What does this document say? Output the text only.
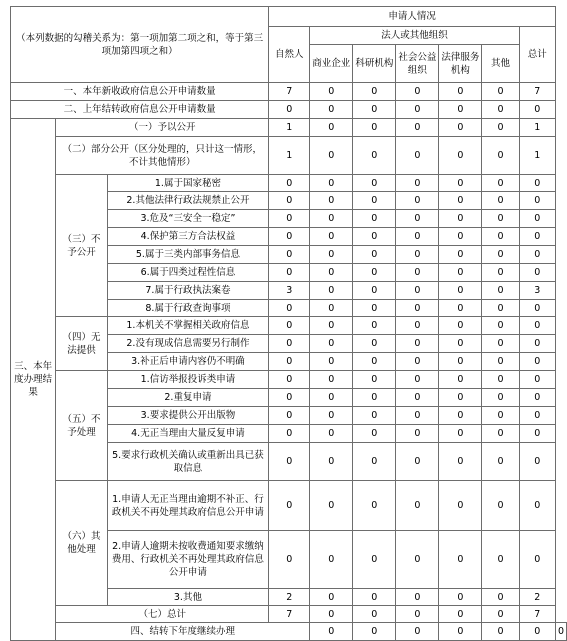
（本列数据的勾稽关系为：第一项加第二项之和，等于第三项加第四项之和）			申请人情况							
			自然人	法人或其他组织					总计	
				商业企业	科研机构	社会公益组织	法律服务机构	其他		
一、本年新收政府信息公开申请数量			7	0	0	0	0	0	7	
二、上年结转政府信息公开申请数量			0	0	0	0	0	0	0	
三、本年度办理结果	（一）予以公开		1	0	0	0	0	0	1	
	（二）部分公开（区分处理的，只计这一情形，不计其他情形）		1	0	0	0	0	0	1	
	（三）不予公开	1.属于国家秘密	0	0	0	0	0	0	0	
		2.其他法律行政法规禁止公开	0	0	0	0	0	0	0	
		3.危及“三安全一稳定”	0	0	0	0	0	0	0	
		4.保护第三方合法权益	0	0	0	0	0	0	0	
		5.属于三类内部事务信息	0	0	0	0	0	0	0	
		6.属于四类过程性信息	0	0	0	0	0	0	0	
		7.属于行政执法案卷	3	0	0	0	0	0	3	
		8.属于行政查询事项	0	0	0	0	0	0	0	
	（四）无法提供	1.本机关不掌握相关政府信息	0	0	0	0	0	0	0	
		2.没有现成信息需要另行制作	0	0	0	0	0	0	0	
		3.补正后申请内容仍不明确	0	0	0	0	0	0	0	
	（五）不予处理	1.信访举报投诉类申请	0	0	0	0	0	0	0	
		2.重复申请	0	0	0	0	0	0	0	
		3.要求提供公开出版物	0	0	0	0	0	0	0	
		4.无正当理由大量反复申请	0	0	0	0	0	0	0	
		5.要求行政机关确认或重新出具已获取信息	0	0	0	0	0	0	0	
	（六）其他处理	1.申请人无正当理由逾期不补正、行政机关不再处理其政府信息公开申请	0	0	0	0	0	0	0	
		2.申请人逾期未按收费通知要求缴纳费用、行政机关不再处理其政府信息公开申请	0	0	0	0	0	0	0	
		3.其他	2	0	0	0	0	0	2	
	（七）总计		7	0	0	0	0	0	7	
	四、结转下年度继续办理			0	0	0	0	0	0	0
